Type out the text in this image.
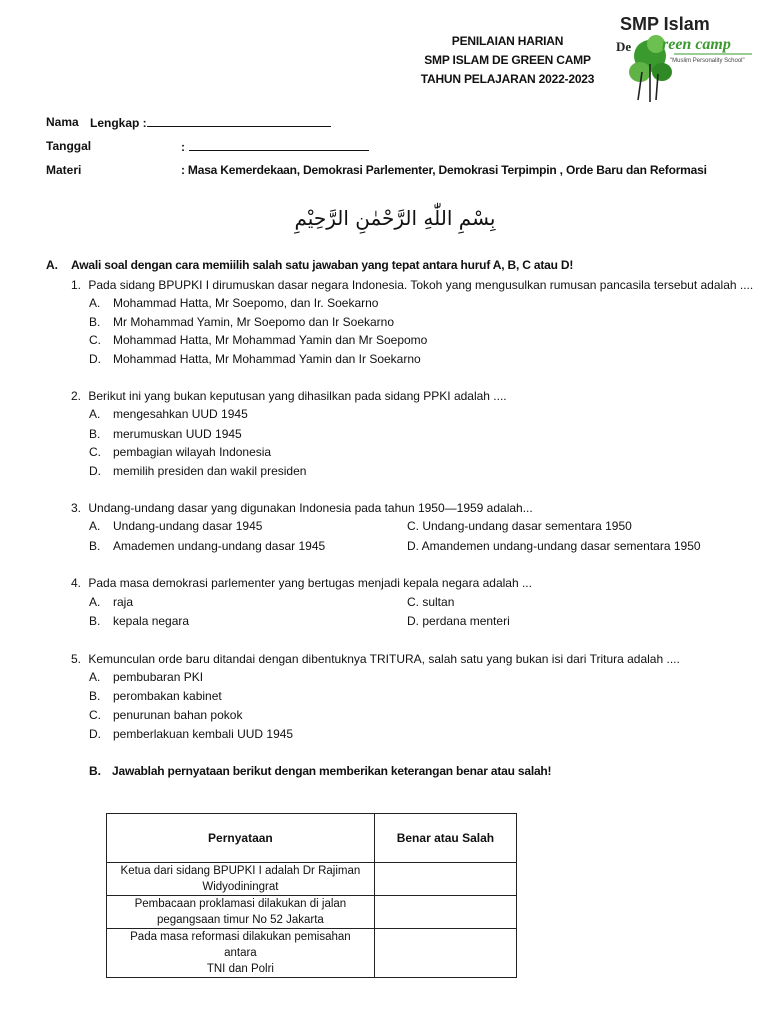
PENILAIAN HARIAN
SMP ISLAM DE GREEN CAMP
TAHUN PELAJARAN 2022-2023
SMP Islam
De reen camp
"Muslim Personality School"
Nama Lengkap :
Tanggal	:
Materi	: Masa Kemerdekaan, Demokrasi Parlementer, Demokrasi Terpimpin , Orde Baru dan Reformasi
بِسْمِ اللّٰهِ الرَّحْمٰنِ الرَّحِيْمِ
A. Awali soal dengan cara memiilih salah satu jawaban yang tepat antara huruf A, B, C atau D!
1. Pada sidang BPUPKI I dirumuskan dasar negara Indonesia. Tokoh yang mengusulkan rumusan pancasila tersebut adalah ....
A. Mohammad Hatta, Mr Soepomo, dan Ir. Soekarno
B. Mr Mohammad Yamin, Mr Soepomo dan Ir Soekarno
C. Mohammad Hatta, Mr Mohammad Yamin dan Mr Soepomo
D. Mohammad Hatta, Mr Mohammad Yamin dan Ir Soekarno
2. Berikut ini yang bukan keputusan yang dihasilkan pada sidang PPKI adalah ....
A. mengesahkan UUD 1945
B. merumuskan UUD 1945
C. pembagian wilayah Indonesia
D. memilih presiden dan wakil presiden
3. Undang-undang dasar yang digunakan Indonesia pada tahun 1950—1959 adalah...
A. Undang-undang dasar 1945
B. Amademen undang-undang dasar 1945
C. Undang-undang dasar sementara 1950
D. Amandemen undang-undang dasar sementara 1950
4. Pada masa demokrasi parlementer yang bertugas menjadi kepala negara adalah ...
A. raja
B. kepala negara
C. sultan
D. perdana menteri
5. Kemunculan orde baru ditandai dengan dibentuknya TRITURA, salah satu yang bukan isi dari Tritura adalah ....
A. pembubaran PKI
B. perombakan kabinet
C. penurunan bahan pokok
D. pemberlakuan kembali UUD 1945
B. Jawablah pernyataan berikut dengan memberikan keterangan benar atau salah!
Pernyataan	Benar atau Salah
Ketua dari sidang BPUPKI I adalah Dr Rajiman
Widyodiningrat	
Pembacaan proklamasi dilakukan di jalan
pegangsaan timur No 52 Jakarta	
Pada masa reformasi dilakukan pemisahan antara
TNI dan Polri	
